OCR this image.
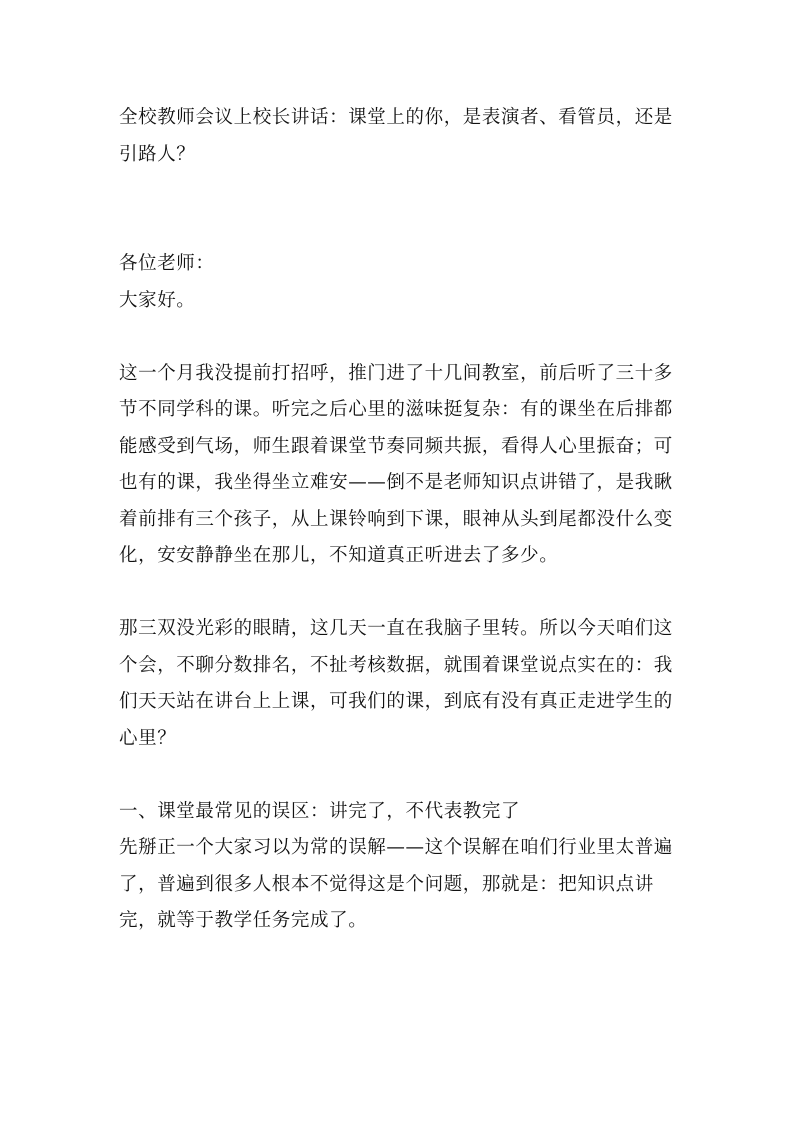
全校教师会议上校长讲话：课堂上的你，是表演者、看管员，还是引路人？

各位老师：

大家好。

这一个月我没提前打招呼，推门进了十几间教室，前后听了三十多节不同学科的课。听完之后心里的滋味挺复杂：有的课坐在后排都能感受到气场，师生跟着课堂节奏同频共振，看得人心里振奋；可也有的课，我坐得坐立难安——倒不是老师知识点讲错了，是我瞅着前排有三个孩子，从上课铃响到下课，眼神从头到尾都没什么变化，安安静静坐在那儿，不知道真正听进去了多少。

那三双没光彩的眼睛，这几天一直在我脑子里转。所以今天咱们这个会，不聊分数排名，不扯考核数据，就围着课堂说点实在的：我们天天站在讲台上上课，可我们的课，到底有没有真正走进学生的心里？

一、课堂最常见的误区：讲完了，不代表教完了

先掰正一个大家习以为常的误解——这个误解在咱们行业里太普遍了，普遍到很多人根本不觉得这是个问题，那就是：把知识点讲完，就等于教学任务完成了。
